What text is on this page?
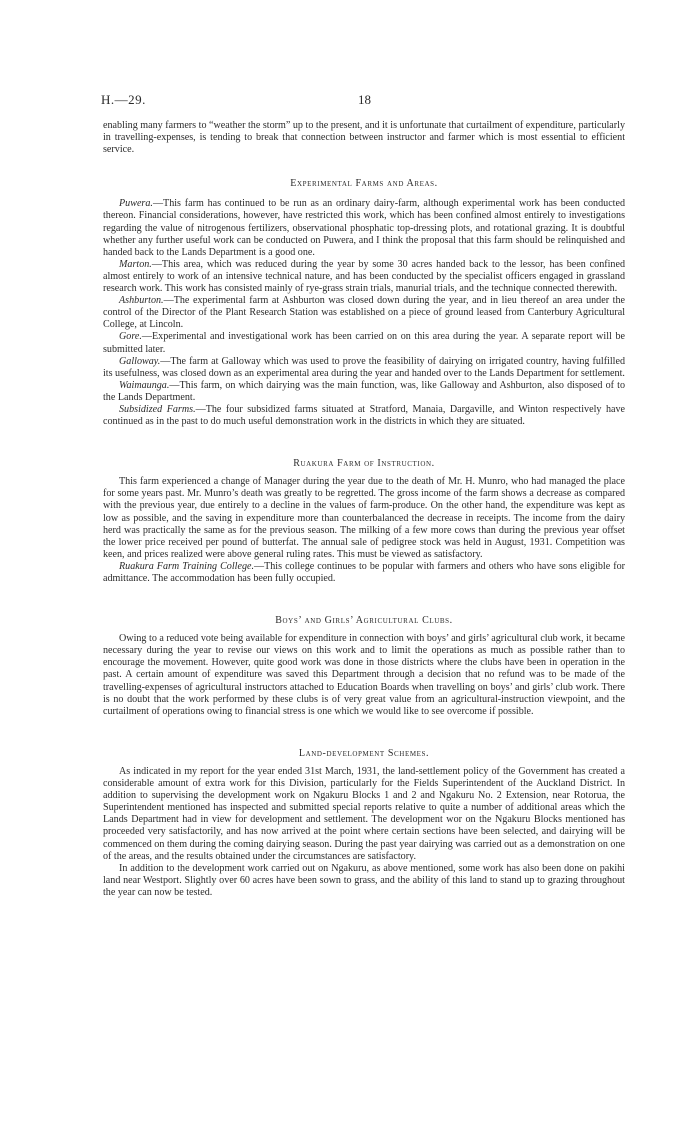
H.—29.	18

enabling many farmers to “weather the storm” up to the present, and it is unfortunate that curtailment of expenditure, particularly in travelling-expenses, is tending to break that connection between instructor and farmer which is most essential to efficient service.

Experimental Farms and Areas.

Puwera.—This farm has continued to be run as an ordinary dairy-farm, although experimental work has been conducted thereon. Financial considerations, however, have restricted this work, which has been confined almost entirely to investigations regarding the value of nitrogenous fertilizers, observational phosphatic top-dressing plots, and rotational grazing. It is doubtful whether any further useful work can be conducted on Puwera, and I think the proposal that this farm should be relinquished and handed back to the Lands Department is a good one.

Marton.—This area, which was reduced during the year by some 30 acres handed back to the lessor, has been confined almost entirely to work of an intensive technical nature, and has been conducted by the specialist officers engaged in grassland research work. This work has consisted mainly of rye-grass strain trials, manurial trials, and the technique connected therewith.

Ashburton.—The experimental farm at Ashburton was closed down during the year, and in lieu thereof an area under the control of the Director of the Plant Research Station was established on a piece of ground leased from Canterbury Agricultural College, at Lincoln.

Gore.—Experimental and investigational work has been carried on on this area during the year. A separate report will be submitted later.

Galloway.—The farm at Galloway which was used to prove the feasibility of dairying on irrigated country, having fulfilled its usefulness, was closed down as an experimental area during the year and handed over to the Lands Department for settlement.

Waimaunga.—This farm, on which dairying was the main function, was, like Galloway and Ashburton, also disposed of to the Lands Department.

Subsidized Farms.—The four subsidized farms situated at Stratford, Manaia, Dargaville, and Winton respectively have continued as in the past to do much useful demonstration work in the districts in which they are situated.

Ruakura Farm of Instruction.

This farm experienced a change of Manager during the year due to the death of Mr. H. Munro, who had managed the place for some years past. Mr. Munro’s death was greatly to be regretted. The gross income of the farm shows a decrease as compared with the previous year, due entirely to a decline in the values of farm-produce. On the other hand, the expenditure was kept as low as possible, and the saving in expenditure more than counterbalanced the decrease in receipts. The income from the dairy herd was practically the same as for the previous season. The milking of a few more cows than during the previous year offset the lower price received per pound of butterfat. The annual sale of pedigree stock was held in August, 1931. Competition was keen, and prices realized were above general ruling rates. This must be viewed as satisfactory.

Ruakura Farm Training College.—This college continues to be popular with farmers and others who have sons eligible for admittance. The accommodation has been fully occupied.

Boys’ and Girls’ Agricultural Clubs.

Owing to a reduced vote being available for expenditure in connection with boys’ and girls’ agricultural club work, it became necessary during the year to revise our views on this work and to limit the operations as much as possible rather than to encourage the movement. However, quite good work was done in those districts where the clubs have been in operation in the past. A certain amount of expenditure was saved this Department through a decision that no refund was to be made of the travelling-expenses of agricultural instructors attached to Education Boards when travelling on boys’ and girls’ club work. There is no doubt that the work performed by these clubs is of very great value from an agricultural-instruction viewpoint, and the curtailment of operations owing to financial stress is one which we would like to see overcome if possible.

Land-development Schemes.

As indicated in my report for the year ended 31st March, 1931, the land-settlement policy of the Government has created a considerable amount of extra work for this Division, particularly for the Fields Superintendent of the Auckland District. In addition to supervising the development work on Ngakuru Blocks 1 and 2 and Ngakuru No. 2 Extension, near Rotorua, the Superintendent mentioned has inspected and submitted special reports relative to quite a number of additional areas which the Lands Department had in view for development and settlement. The development wor on the Ngakuru Blocks mentioned has proceeded very satisfactorily, and has now arrived at the point where certain sections have been selected, and dairying will be commenced on them during the coming dairying season. During the past year dairying was carried out as a demonstration on one of the areas, and the results obtained under the circumstances are satisfactory.

In addition to the development work carried out on Ngakuru, as above mentioned, some work has also been done on pakihi land near Westport. Slightly over 60 acres have been sown to grass, and the ability of this land to stand up to grazing throughout the year can now be tested.
